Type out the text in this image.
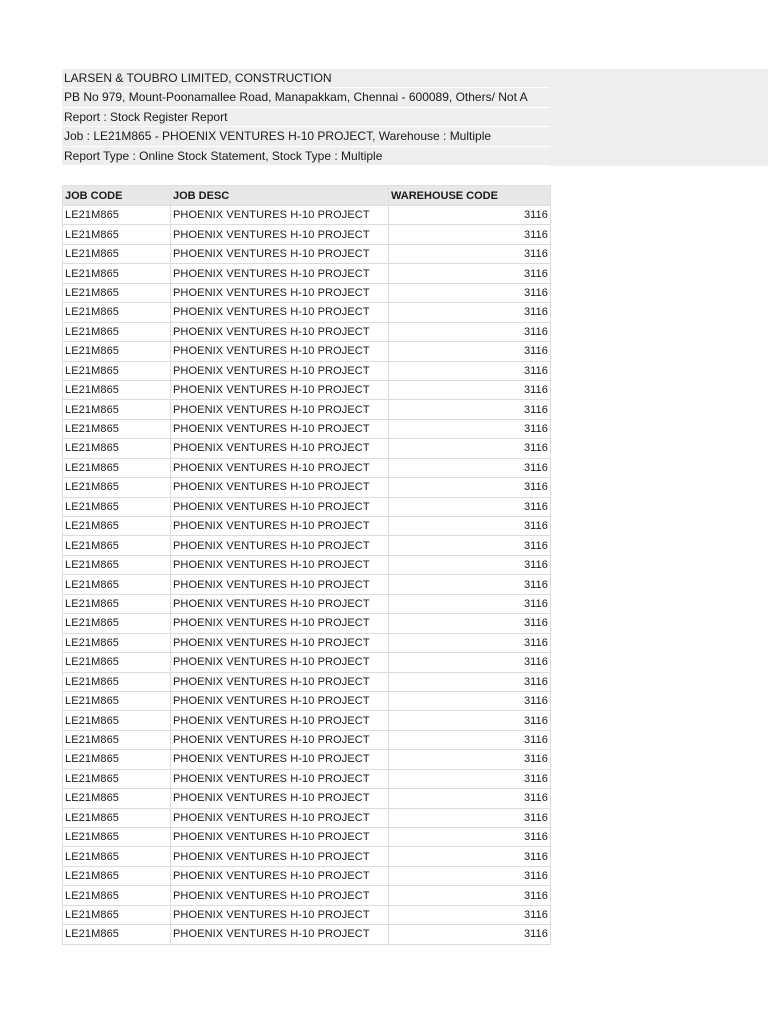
LARSEN & TOUBRO LIMITED, CONSTRUCTION
PB No 979, Mount-Poonamallee Road, Manapakkam, Chennai - 600089, Others/ Not A
Report : Stock Register Report
Job : LE21M865 - PHOENIX VENTURES H-10 PROJECT, Warehouse : Multiple
Report Type : Online Stock Statement, Stock Type : Multiple
JOB CODE	JOB DESC	WAREHOUSE CODE
LE21M865	PHOENIX VENTURES H-10 PROJECT	3116
LE21M865	PHOENIX VENTURES H-10 PROJECT	3116
LE21M865	PHOENIX VENTURES H-10 PROJECT	3116
LE21M865	PHOENIX VENTURES H-10 PROJECT	3116
LE21M865	PHOENIX VENTURES H-10 PROJECT	3116
LE21M865	PHOENIX VENTURES H-10 PROJECT	3116
LE21M865	PHOENIX VENTURES H-10 PROJECT	3116
LE21M865	PHOENIX VENTURES H-10 PROJECT	3116
LE21M865	PHOENIX VENTURES H-10 PROJECT	3116
LE21M865	PHOENIX VENTURES H-10 PROJECT	3116
LE21M865	PHOENIX VENTURES H-10 PROJECT	3116
LE21M865	PHOENIX VENTURES H-10 PROJECT	3116
LE21M865	PHOENIX VENTURES H-10 PROJECT	3116
LE21M865	PHOENIX VENTURES H-10 PROJECT	3116
LE21M865	PHOENIX VENTURES H-10 PROJECT	3116
LE21M865	PHOENIX VENTURES H-10 PROJECT	3116
LE21M865	PHOENIX VENTURES H-10 PROJECT	3116
LE21M865	PHOENIX VENTURES H-10 PROJECT	3116
LE21M865	PHOENIX VENTURES H-10 PROJECT	3116
LE21M865	PHOENIX VENTURES H-10 PROJECT	3116
LE21M865	PHOENIX VENTURES H-10 PROJECT	3116
LE21M865	PHOENIX VENTURES H-10 PROJECT	3116
LE21M865	PHOENIX VENTURES H-10 PROJECT	3116
LE21M865	PHOENIX VENTURES H-10 PROJECT	3116
LE21M865	PHOENIX VENTURES H-10 PROJECT	3116
LE21M865	PHOENIX VENTURES H-10 PROJECT	3116
LE21M865	PHOENIX VENTURES H-10 PROJECT	3116
LE21M865	PHOENIX VENTURES H-10 PROJECT	3116
LE21M865	PHOENIX VENTURES H-10 PROJECT	3116
LE21M865	PHOENIX VENTURES H-10 PROJECT	3116
LE21M865	PHOENIX VENTURES H-10 PROJECT	3116
LE21M865	PHOENIX VENTURES H-10 PROJECT	3116
LE21M865	PHOENIX VENTURES H-10 PROJECT	3116
LE21M865	PHOENIX VENTURES H-10 PROJECT	3116
LE21M865	PHOENIX VENTURES H-10 PROJECT	3116
LE21M865	PHOENIX VENTURES H-10 PROJECT	3116
LE21M865	PHOENIX VENTURES H-10 PROJECT	3116
LE21M865	PHOENIX VENTURES H-10 PROJECT	3116
